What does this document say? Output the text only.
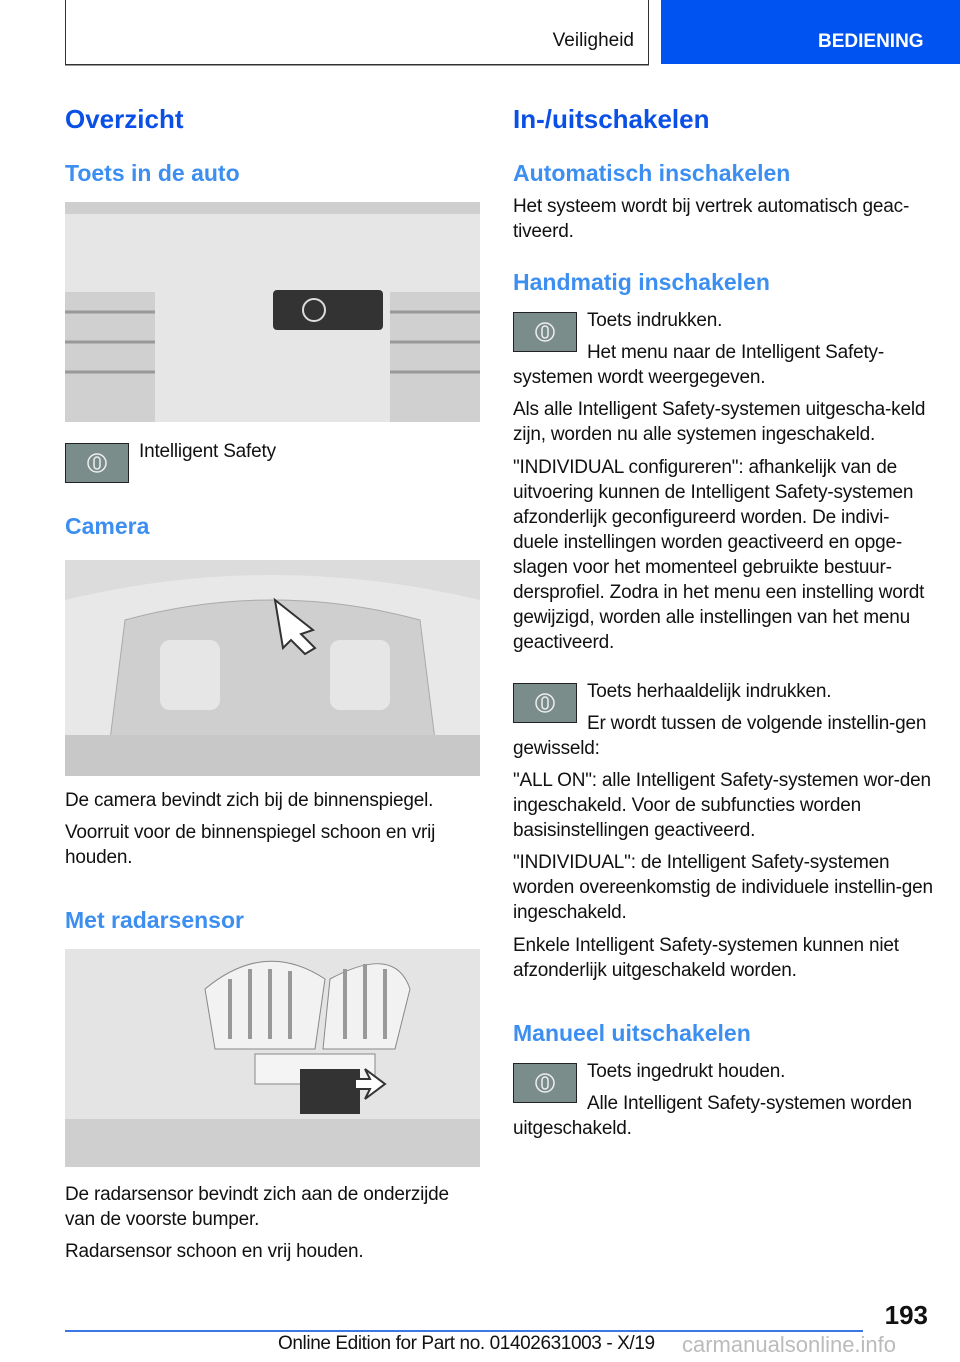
Veiligheid	BEDIENING
Overzicht
Toets in de auto
Intelligent Safety
Camera
De camera bevindt zich bij de binnenspiegel.
Voorruit voor de binnenspiegel schoon en vrij houden.
Met radarsensor
De radarsensor bevindt zich aan de onderzijde van de voorste bumper.
Radarsensor schoon en vrij houden.
In-/uitschakelen
Automatisch inschakelen
Het systeem wordt bij vertrek automatisch geac-tiveerd.
Handmatig inschakelen
Toets indrukken.
Het menu naar de Intelligent Safety-systemen wordt weergegeven.
Als alle Intelligent Safety-systemen uitgescha-keld zijn, worden nu alle systemen ingeschakeld.
"INDIVIDUAL configureren": afhankelijk van de uitvoering kunnen de Intelligent Safety-systemen afzonderlijk geconfigureerd worden. De indivi-duele instellingen worden geactiveerd en opge-slagen voor het momenteel gebruikte bestuur-dersprofiel. Zodra in het menu een instelling wordt gewijzigd, worden alle instellingen van het menu geactiveerd.
Toets herhaaldelijk indrukken.
Er wordt tussen de volgende instellin-gen gewisseld:
"ALL ON": alle Intelligent Safety-systemen wor-den ingeschakeld. Voor de subfuncties worden basisinstellingen geactiveerd.
"INDIVIDUAL": de Intelligent Safety-systemen worden overeenkomstig de individuele instellin-gen ingeschakeld.
Enkele Intelligent Safety-systemen kunnen niet afzonderlijk uitgeschakeld worden.
Manueel uitschakelen
Toets ingedrukt houden.
Alle Intelligent Safety-systemen worden uitgeschakeld.
193
Online Edition for Part no. 01402631003 - X/19 carmanualsonline.info
